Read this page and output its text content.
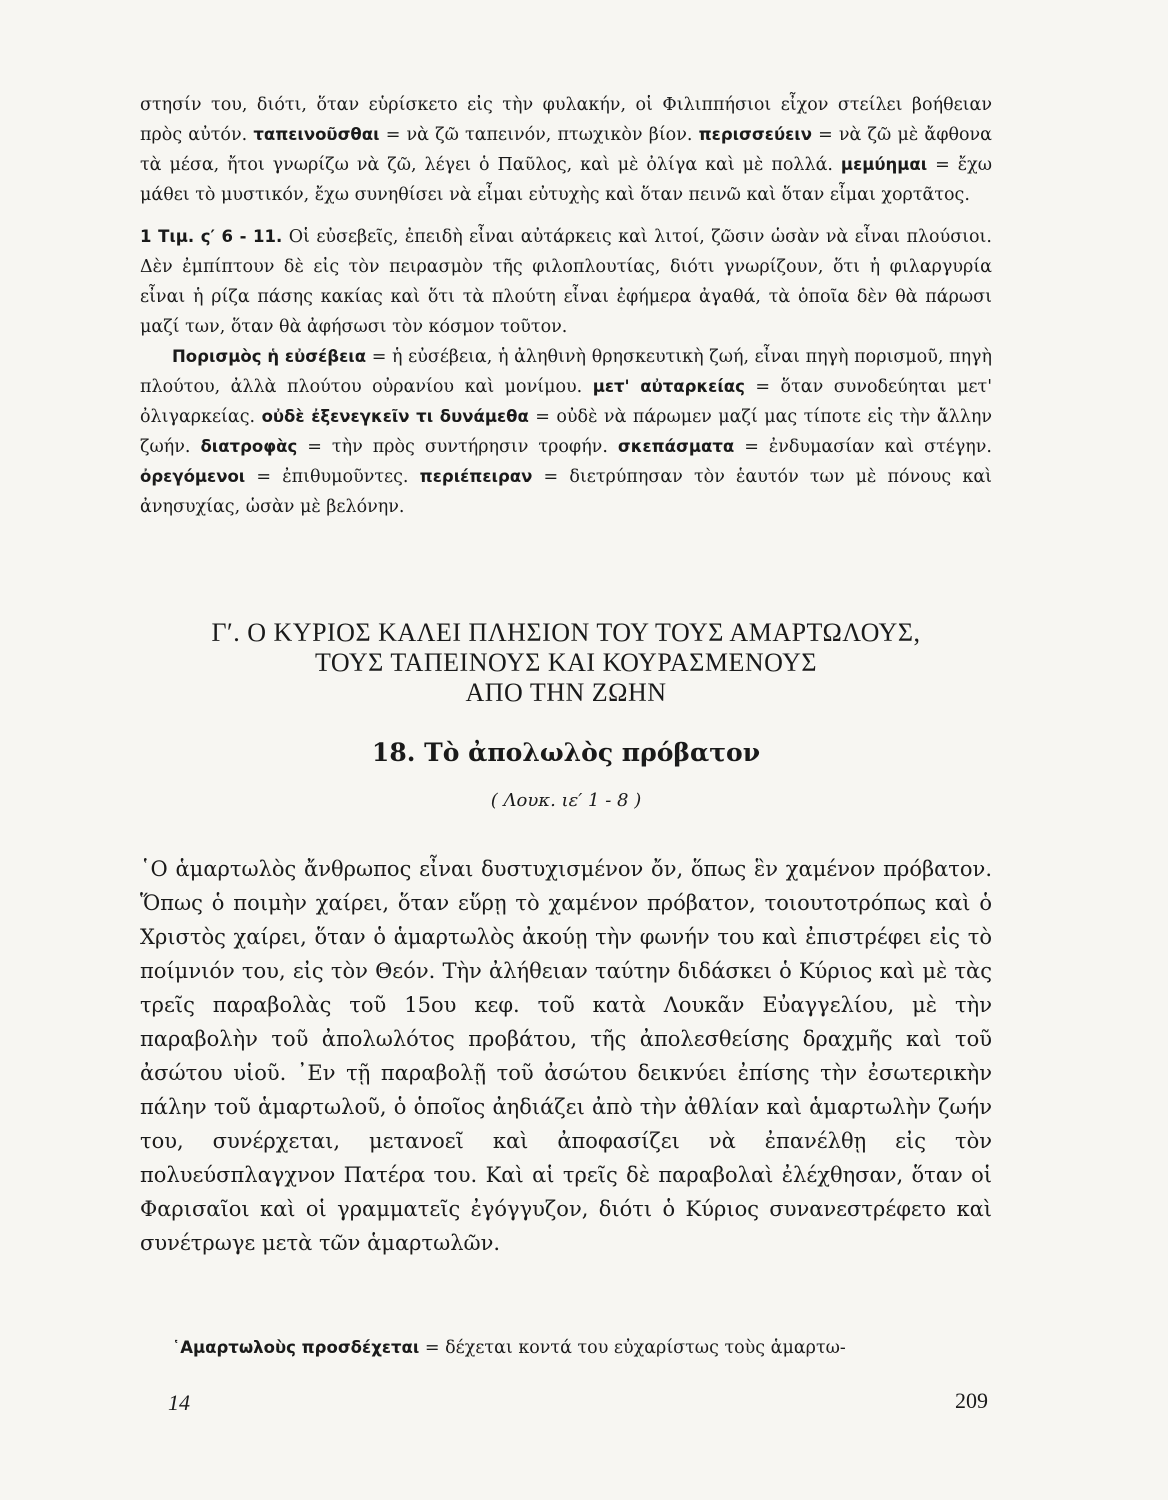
στησίν του, διότι, ὅταν εὑρίσκετο εἰς τὴν φυλακήν, οἱ Φιλιππήσιοι εἶχον στείλει βοήθειαν πρὸς αὐτόν. ταπεινοῦσθαι = νὰ ζῶ ταπεινόν, πτωχικὸν βίον. περισσεύειν = νὰ ζῶ μὲ ἄφθονα τὰ μέσα, ἤτοι γνωρίζω νὰ ζῶ, λέγει ὁ Παῦλος, καὶ μὲ ὀλίγα καὶ μὲ πολλά. μεμύημαι = ἔχω μάθει τὸ μυστικόν, ἔχω συνηθίσει νὰ εἶμαι εὐτυχὴς καὶ ὅταν πεινῶ καὶ ὅταν εἶμαι χορτᾶτος.

1 Τιμ. ς′ 6 - 11. Οἱ εὐσεβεῖς, ἐπειδὴ εἶναι αὐτάρκεις καὶ λιτοί, ζῶσιν ὡσὰν νὰ εἶναι πλούσιοι. Δὲν ἐμπίπτουν δὲ εἰς τὸν πειρασμὸν τῆς φιλοπλουτίας, διότι γνωρίζουν, ὅτι ἡ φιλαργυρία εἶναι ἡ ρίζα πάσης κακίας καὶ ὅτι τὰ πλούτη εἶναι ἐφήμερα ἀγαθά, τὰ ὁποῖα δὲν θὰ πάρωσι μαζί των, ὅταν θὰ ἀφήσωσι τὸν κόσμον τοῦτον.

Πορισμὸς ἡ εὐσέβεια = ἡ εὐσέβεια, ἡ ἀληθινὴ θρησκευτικὴ ζωή, εἶναι πηγὴ πορισμοῦ, πηγὴ πλούτου, ἀλλὰ πλούτου οὐρανίου καὶ μονίμου. μετ' αὐταρκείας = ὅταν συνοδεύηται μετ' ὀλιγαρκείας. οὐδὲ ἐξενεγκεῖν τι δυνάμεθα = οὐδὲ νὰ πάρωμεν μαζί μας τίποτε εἰς τὴν ἄλλην ζωήν. διατροφὰς = τὴν πρὸς συντήρησιν τροφήν. σκεπάσματα = ἐνδυμασίαν καὶ στέγην. ὀρεγόμενοι = ἐπιθυμοῦντες. περιέπειραν = διετρύπησαν τὸν ἑαυτόν των μὲ πόνους καὶ ἀνησυχίας, ὡσὰν μὲ βελόνην.

Γ′. Ο ΚΥΡΙΟΣ ΚΑΛΕΙ ΠΛΗΣΙΟΝ ΤΟΥ ΤΟΥΣ ΑΜΑΡΤΩΛΟΥΣ,
ΤΟΥΣ ΤΑΠΕΙΝΟΥΣ ΚΑΙ ΚΟΥΡΑΣΜΕΝΟΥΣ
ΑΠΟ ΤΗΝ ΖΩΗΝ
18. Τὸ ἀπολωλὸς πρόβατον
( Λουκ. ιε′ 1 - 8 )

῾Ο ἁμαρτωλὸς ἄνθρωπος εἶναι δυστυχισμένον ὄν, ὅπως ἓν χαμένον πρόβατον. Ὅπως ὁ ποιμὴν χαίρει, ὅταν εὕρῃ τὸ χαμένον πρόβατον, τοιουτοτρόπως καὶ ὁ Χριστὸς χαίρει, ὅταν ὁ ἁμαρτωλὸς ἀκούῃ τὴν φωνήν του καὶ ἐπιστρέφει εἰς τὸ ποίμνιόν του, εἰς τὸν Θεόν. Τὴν ἀλήθειαν ταύτην διδάσκει ὁ Κύριος καὶ μὲ τὰς τρεῖς παραβολὰς τοῦ 15ου κεφ. τοῦ κατὰ Λουκᾶν Εὐαγγελίου, μὲ τὴν παραβολὴν τοῦ ἀπολωλότος προβάτου, τῆς ἀπολεσθείσης δραχμῆς καὶ τοῦ ἀσώτου υἱοῦ. ᾿Εν τῇ παραβολῇ τοῦ ἀσώτου δεικνύει ἐπίσης τὴν ἐσωτερικὴν πάλην τοῦ ἁμαρτωλοῦ, ὁ ὁποῖος ἀηδιάζει ἀπὸ τὴν ἀθλίαν καὶ ἁμαρτωλὴν ζωήν του, συνέρχεται, μετανοεῖ καὶ ἀποφασίζει νὰ ἐπανέλθῃ εἰς τὸν πολυεύσπλαγχνον Πατέρα του. Καὶ αἱ τρεῖς δὲ παραβολαὶ ἐλέχθησαν, ὅταν οἱ Φαρισαῖοι καὶ οἱ γραμματεῖς ἐγόγγυζον, διότι ὁ Κύριος συνανεστρέφετο καὶ συνέτρωγε μετὰ τῶν ἁμαρτωλῶν.

῾Αμαρτωλοὺς προσδέχεται = δέχεται κοντά του εὐχαρίστως τοὺς ἁμαρτω-

14	209
